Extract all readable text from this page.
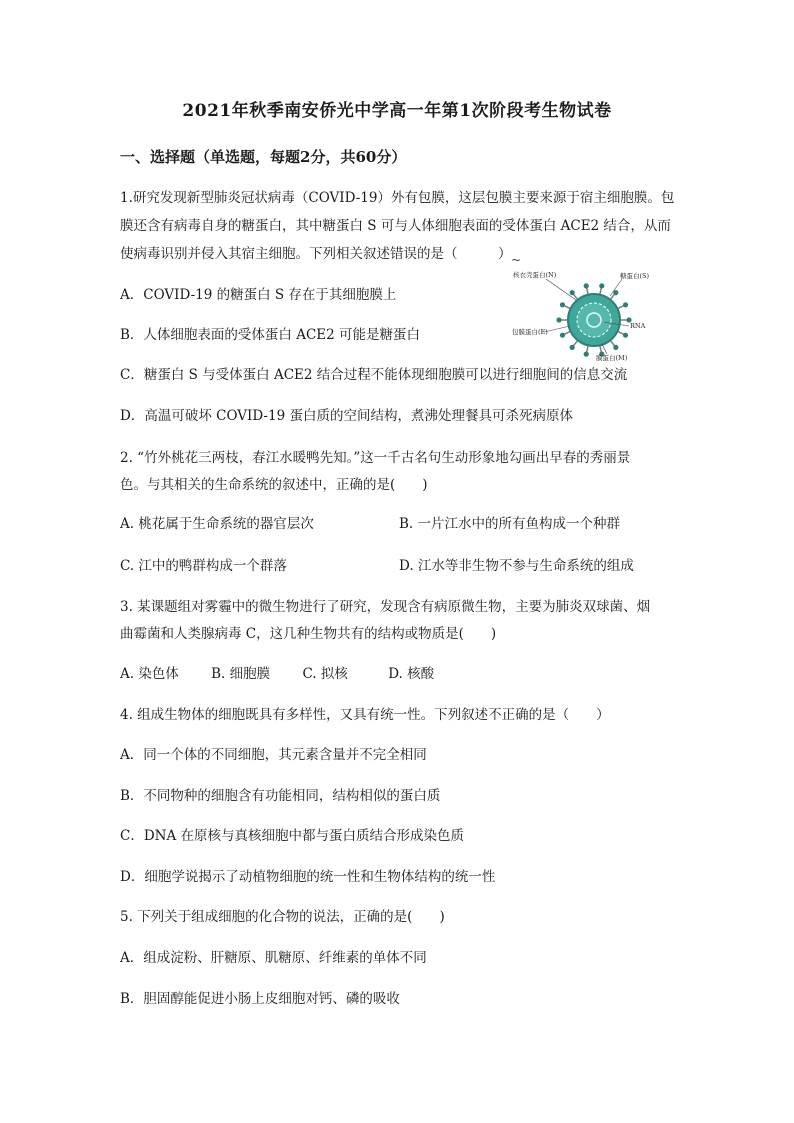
2021年秋季南安侨光中学高一年第1次阶段考生物试卷
一、选择题（单选题，每题2分，共60分）
1.研究发现新型肺炎冠状病毒（COVID-19）外有包膜，这层包膜主要来源于宿主细胞膜。包
膜还含有病毒自身的糖蛋白，其中糖蛋白 S 可与人体细胞表面的受体蛋白 ACE2 结合，从而
使病毒识别并侵入其宿主细胞。下列相关叙述错误的是（　　　） ~
A．COVID-19 的糖蛋白 S 存在于其细胞膜上
B．人体细胞表面的受体蛋白 ACE2 可能是糖蛋白
C．糖蛋白 S 与受体蛋白 ACE2 结合过程不能体现细胞膜可以进行细胞间的信息交流
D．高温可破坏 COVID-19 蛋白质的空间结构，煮沸处理餐具可杀死病原体
核衣壳蛋白(N)	糖蛋白(S)
包膜蛋白(E)
RNA
膜蛋白(M)
2. “竹外桃花三两枝，春江水暖鸭先知。”这一千古名句生动形象地勾画出早春的秀丽景
色。与其相关的生命系统的叙述中，正确的是(　　)
A. 桃花属于生命系统的器官层次	B. 一片江水中的所有鱼构成一个种群
C. 江中的鸭群构成一个群落	D. 江水等非生物不参与生命系统的组成
3. 某课题组对雾霾中的微生物进行了研究，发现含有病原微生物，主要为肺炎双球菌、烟
曲霉菌和人类腺病毒 C，这几种生物共有的结构或物质是(　　)
A. 染色体 B. 细胞膜 C. 拟核	D. 核酸
4. 组成生物体的细胞既具有多样性，又具有统一性。下列叙述不正确的是（　　）
A．同一个体的不同细胞，其元素含量并不完全相同
B．不同物种的细胞含有功能相同，结构相似的蛋白质
C．DNA 在原核与真核细胞中都与蛋白质结合形成染色质
D．细胞学说揭示了动植物细胞的统一性和生物体结构的统一性
5. 下列关于组成细胞的化合物的说法，正确的是(　　)
A．组成淀粉、肝糖原、肌糖原、纤维素的单体不同
B．胆固醇能促进小肠上皮细胞对钙、磷的吸收
